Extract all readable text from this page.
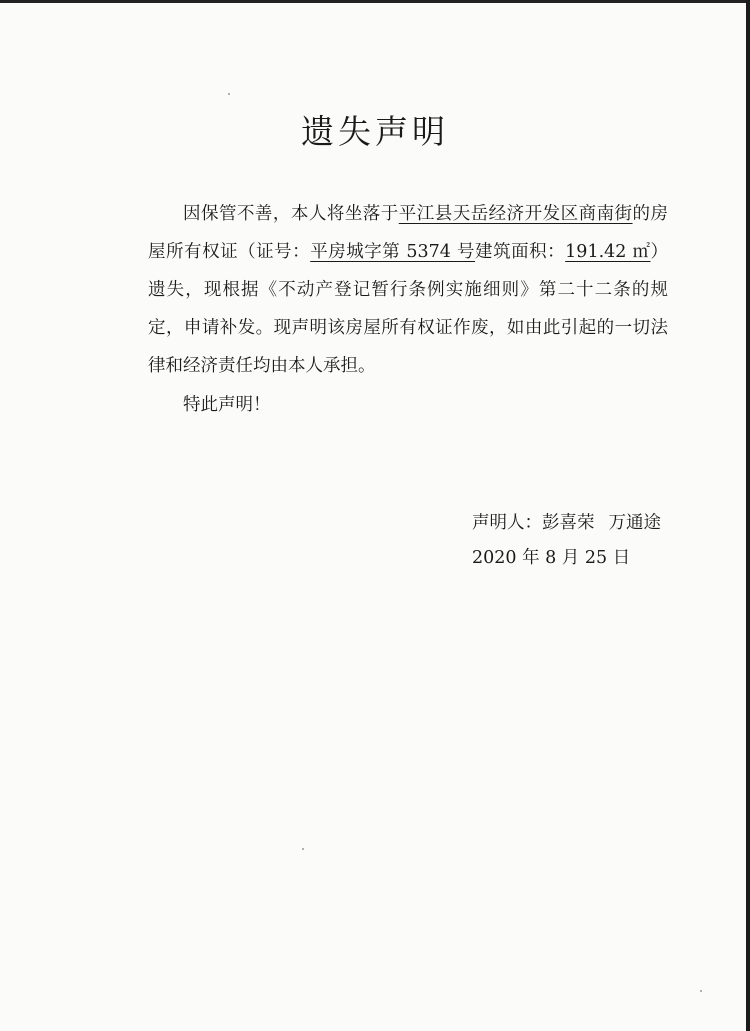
遗失声明
因保管不善，本人将坐落于平江县天岳经济开发区商南街的房屋所有权证（证号：平房城字第 5374 号建筑面积：191.42 ㎡）遗失，现根据《不动产登记暂行条例实施细则》第二十二条的规定，申请补发。现声明该房屋所有权证作废，如由此引起的一切法律和经济责任均由本人承担。
特此声明！
声明人：彭喜荣 万通途
2020 年 8 月 25 日
